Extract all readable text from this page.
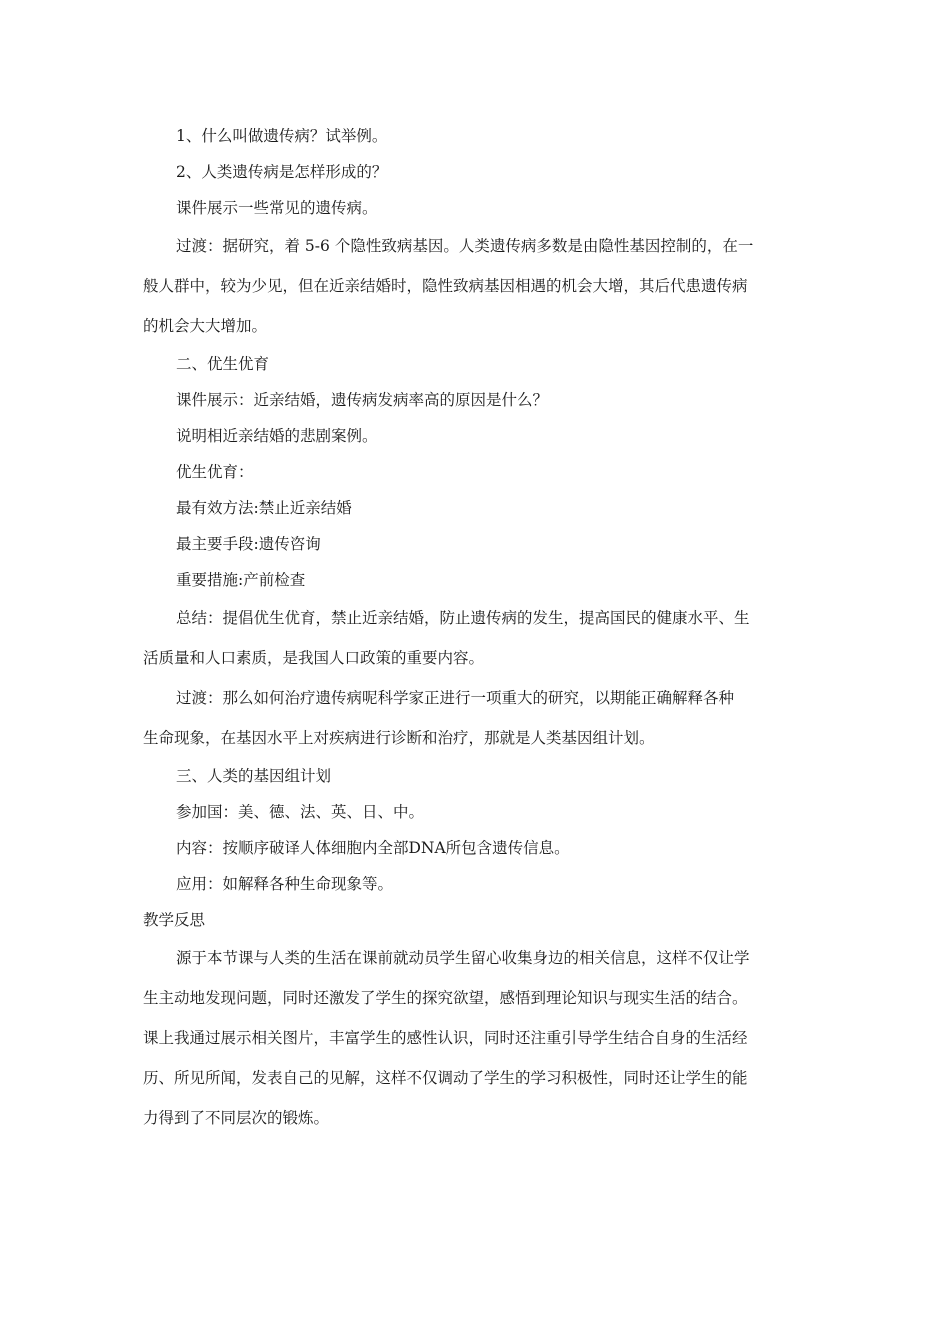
1、什么叫做遗传病？试举例。

2、人类遗传病是怎样形成的？

课件展示一些常见的遗传病。

过渡：据研究，着 5-6 个隐性致病基因。人类遗传病多数是由隐性基因控制的，在一

般人群中，较为少见，但在近亲结婚时，隐性致病基因相遇的机会大增，其后代患遗传病

的机会大大增加。

二、优生优育

课件展示：近亲结婚，遗传病发病率高的原因是什么？

说明相近亲结婚的悲剧案例。

优生优育：

最有效方法:禁止近亲结婚

最主要手段:遗传咨询

重要措施:产前检查

总结：提倡优生优育，禁止近亲结婚，防止遗传病的发生，提高国民的健康水平、生

活质量和人口素质，是我国人口政策的重要内容。

过渡：那么如何治疗遗传病呢科学家正进行一项重大的研究，以期能正确解释各种

生命现象，在基因水平上对疾病进行诊断和治疗，那就是人类基因组计划。

三、人类的基因组计划

参加国：美、德、法、英、日、中。

内容：按顺序破译人体细胞内全部DNA所包含遗传信息。

应用：如解释各种生命现象等。

教学反思

源于本节课与人类的生活在课前就动员学生留心收集身边的相关信息，这样不仅让学

生主动地发现问题，同时还激发了学生的探究欲望，感悟到理论知识与现实生活的结合。

课上我通过展示相关图片，丰富学生的感性认识，同时还注重引导学生结合自身的生活经

历、所见所闻，发表自己的见解，这样不仅调动了学生的学习积极性，同时还让学生的能

力得到了不同层次的锻炼。
